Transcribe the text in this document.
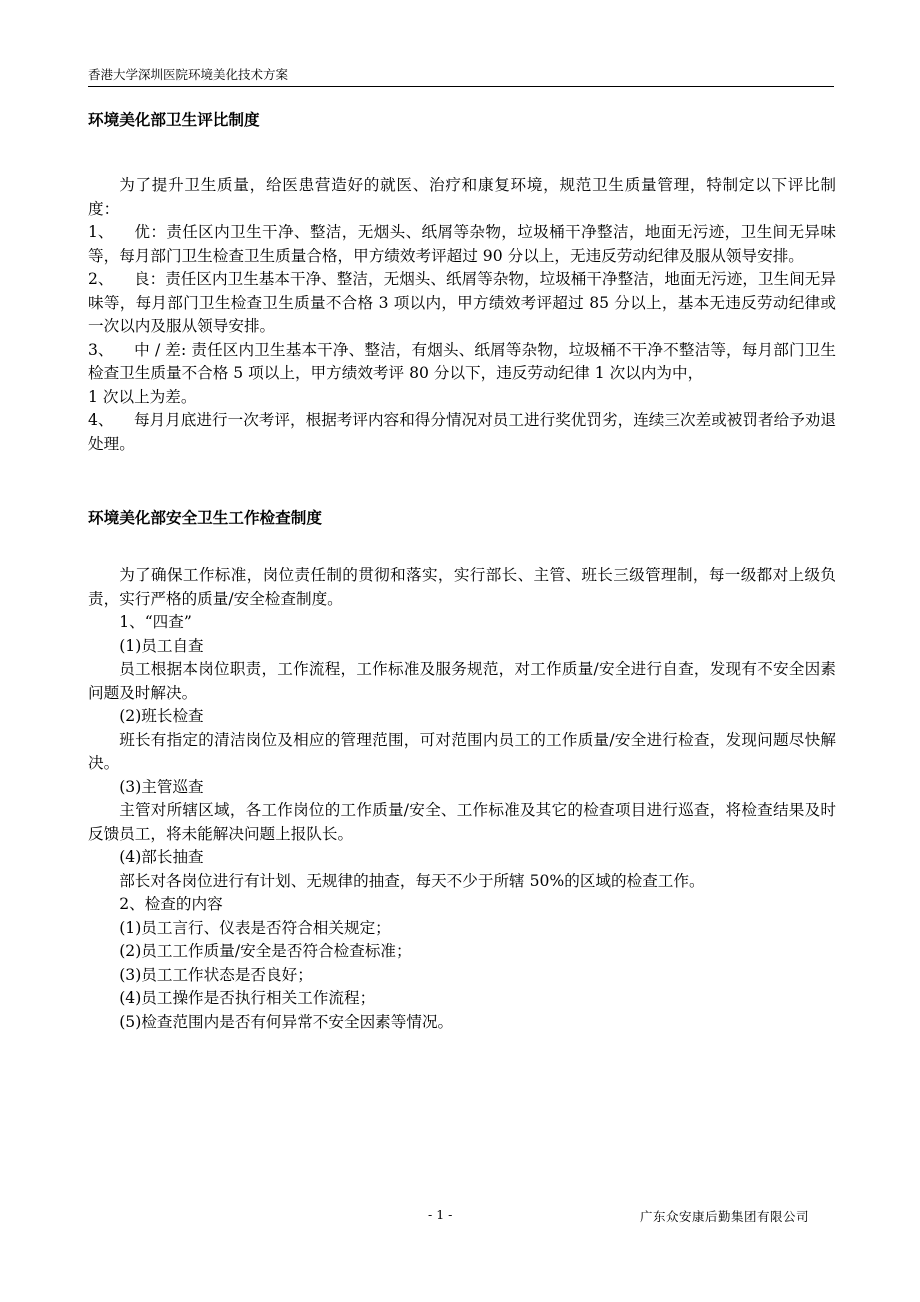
香港大学深圳医院环境美化技术方案
环境美化部卫生评比制度

为了提升卫生质量，给医患营造好的就医、治疗和康复环境，规范卫生质量管理，特制定以下评比制度：

1、 优：责任区内卫生干净、整洁，无烟头、纸屑等杂物，垃圾桶干净整洁，地面无污迹，卫生间无异味等，每月部门卫生检查卫生质量合格，甲方绩效考评超过 90 分以上，无违反劳动纪律及服从领导安排。

2、 良：责任区内卫生基本干净、整洁，无烟头、纸屑等杂物，垃圾桶干净整洁，地面无污迹，卫生间无异味等，每月部门卫生检查卫生质量不合格 3 项以内，甲方绩效考评超过 85 分以上，基本无违反劳动纪律或一次以内及服从领导安排。

3、 中 / 差: 责任区内卫生基本干净、整洁，有烟头、纸屑等杂物，垃圾桶不干净不整洁等，每月部门卫生检查卫生质量不合格 5 项以上，甲方绩效考评 80 分以下，违反劳动纪律 1 次以内为中，

1 次以上为差。

4、 每月月底进行一次考评，根据考评内容和得分情况对员工进行奖优罚劣，连续三次差或被罚者给予劝退处理。

环境美化部安全卫生工作检查制度

为了确保工作标准，岗位责任制的贯彻和落实，实行部长、主管、班长三级管理制，每一级都对上级负责，实行严格的质量/安全检查制度。

1、“四查”

(1)员工自查

员工根据本岗位职责，工作流程，工作标准及服务规范，对工作质量/安全进行自查，发现有不安全因素问题及时解决。

(2)班长检查

班长有指定的清洁岗位及相应的管理范围，可对范围内员工的工作质量/安全进行检查，发现问题尽快解决。

(3)主管巡查

主管对所辖区域，各工作岗位的工作质量/安全、工作标准及其它的检查项目进行巡查，将检查结果及时反馈员工，将未能解决问题上报队长。

(4)部长抽查

部长对各岗位进行有计划、无规律的抽查，每天不少于所辖 50%的区域的检查工作。

2、检查的内容

(1)员工言行、仪表是否符合相关规定；

(2)员工工作质量/安全是否符合检查标准；

(3)员工工作状态是否良好；

(4)员工操作是否执行相关工作流程；

(5)检查范围内是否有何异常不安全因素等情况。

- 1 -	广东众安康后勤集团有限公司
